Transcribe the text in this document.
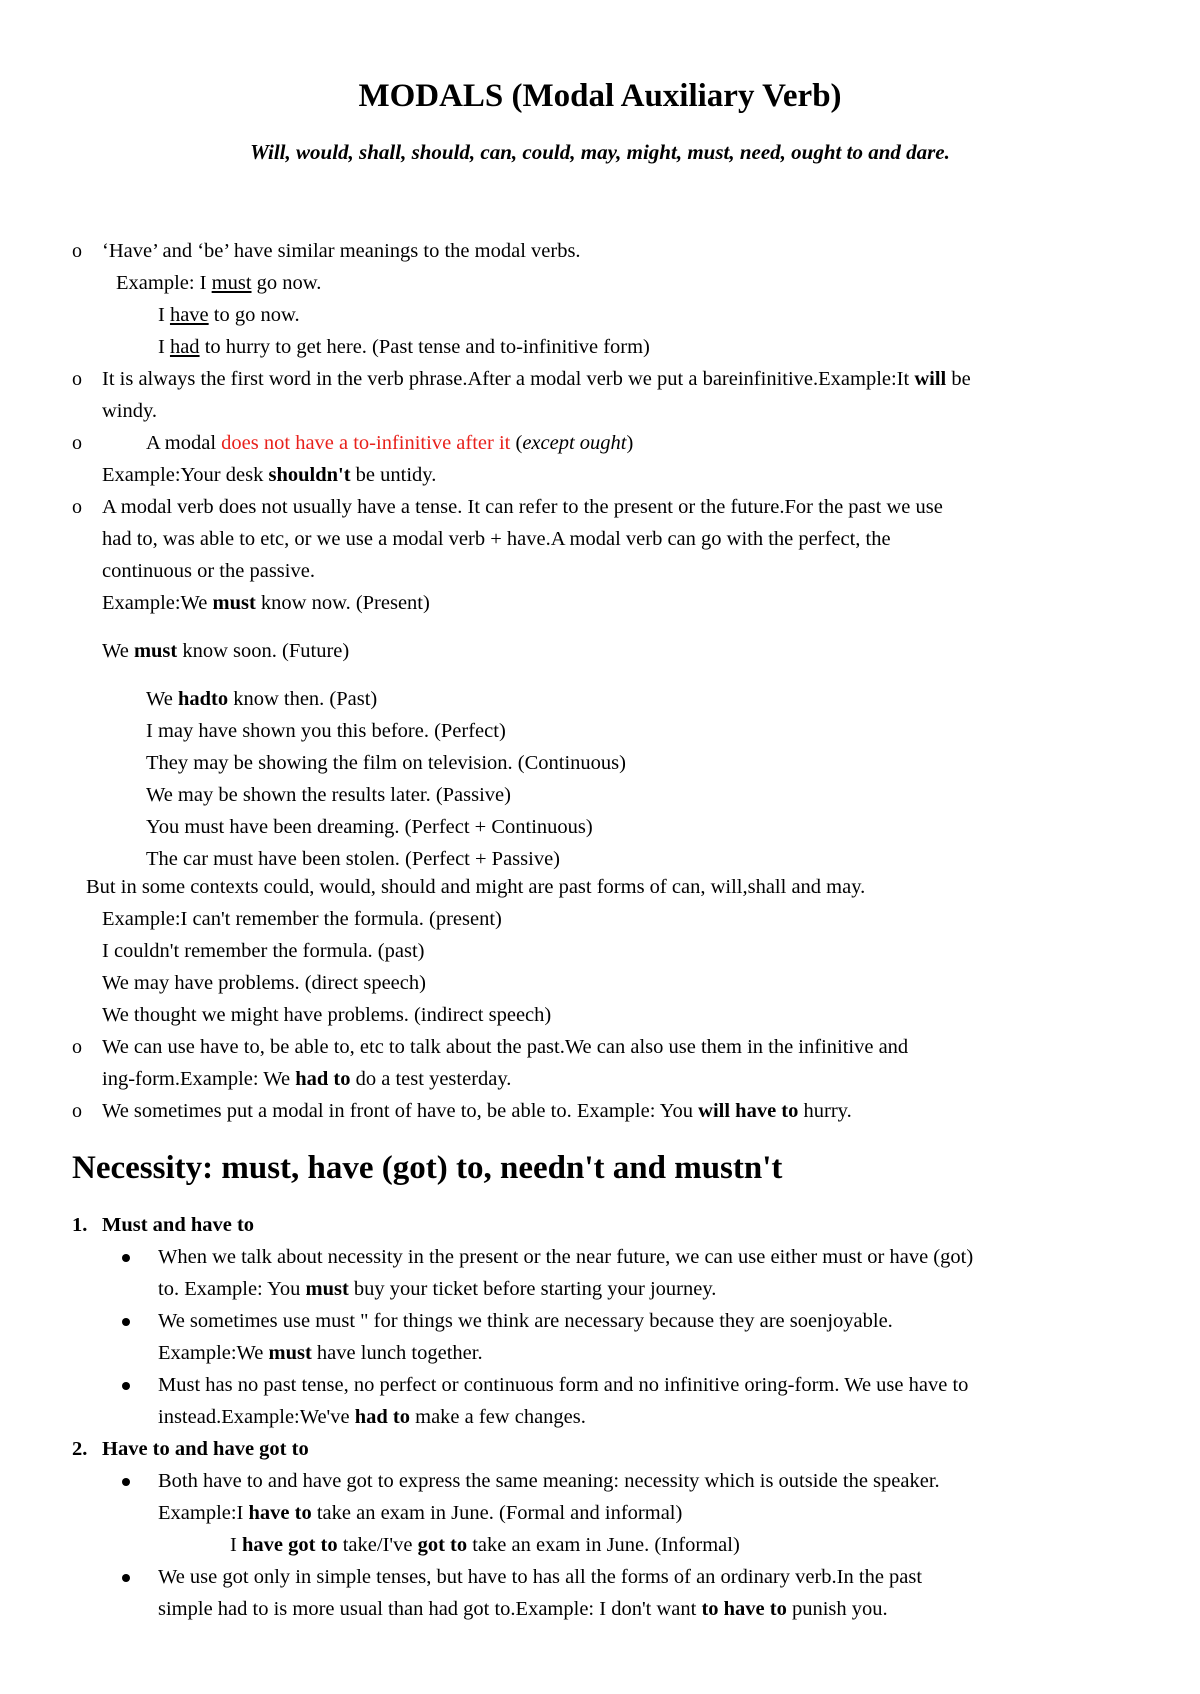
MODALS (Modal Auxiliary Verb)
Will, would, shall, should, can, could, may, might, must, need, ought to and dare.
o ‘Have’ and ‘be’ have similar meanings to the modal verbs.
Example: I must go now.
I have to go now.
I had to hurry to get here. (Past tense and to-infinitive form)
o It is always the first word in the verb phrase.After a modal verb we put a bareinfinitive.Example:It will be
windy.
o	A modal does not have a to-infinitive after it (except ought)
Example:Your desk shouldn't be untidy.
o A modal verb does not usually have a tense. It can refer to the present or the future.For the past we use
had to, was able to etc, or we use a modal verb + have.A modal verb can go with the perfect, the
continuous or the passive.
Example:We must know now. (Present)
We must know soon. (Future)
We hadto know then. (Past)
I may have shown you this before. (Perfect)
They may be showing the film on television. (Continuous)
We may be shown the results later. (Passive)
You must have been dreaming. (Perfect + Continuous)
The car must have been stolen. (Perfect + Passive)
But in some contexts could, would, should and might are past forms of can, will,shall and may.
Example:I can't remember the formula. (present)
I couldn't remember the formula. (past)
We may have problems. (direct speech)
We thought we might have problems. (indirect speech)
o We can use have to, be able to, etc to talk about the past.We can also use them in the infinitive and
ing-form.Example: We had to do a test yesterday.
o We sometimes put a modal in front of have to, be able to. Example: You will have to hurry.
Necessity: must, have (got) to, needn't and mustn't
1. Must and have to
When we talk about necessity in the present or the near future, we can use either must or have (got)
to. Example: You must buy your ticket before starting your journey.
We sometimes use must " for things we think are necessary because they are soenjoyable.
Example:We must have lunch together.
Must has no past tense, no perfect or continuous form and no infinitive oring-form. We use have to
instead.Example:We've had to make a few changes.
2. Have to and have got to
Both have to and have got to express the same meaning: necessity which is outside the speaker.
Example:I have to take an exam in June. (Formal and informal)
I have got to take/I've got to take an exam in June. (Informal)
We use got only in simple tenses, but have to has all the forms of an ordinary verb.In the past
simple had to is more usual than had got to.Example: I don't want to have to punish you.
